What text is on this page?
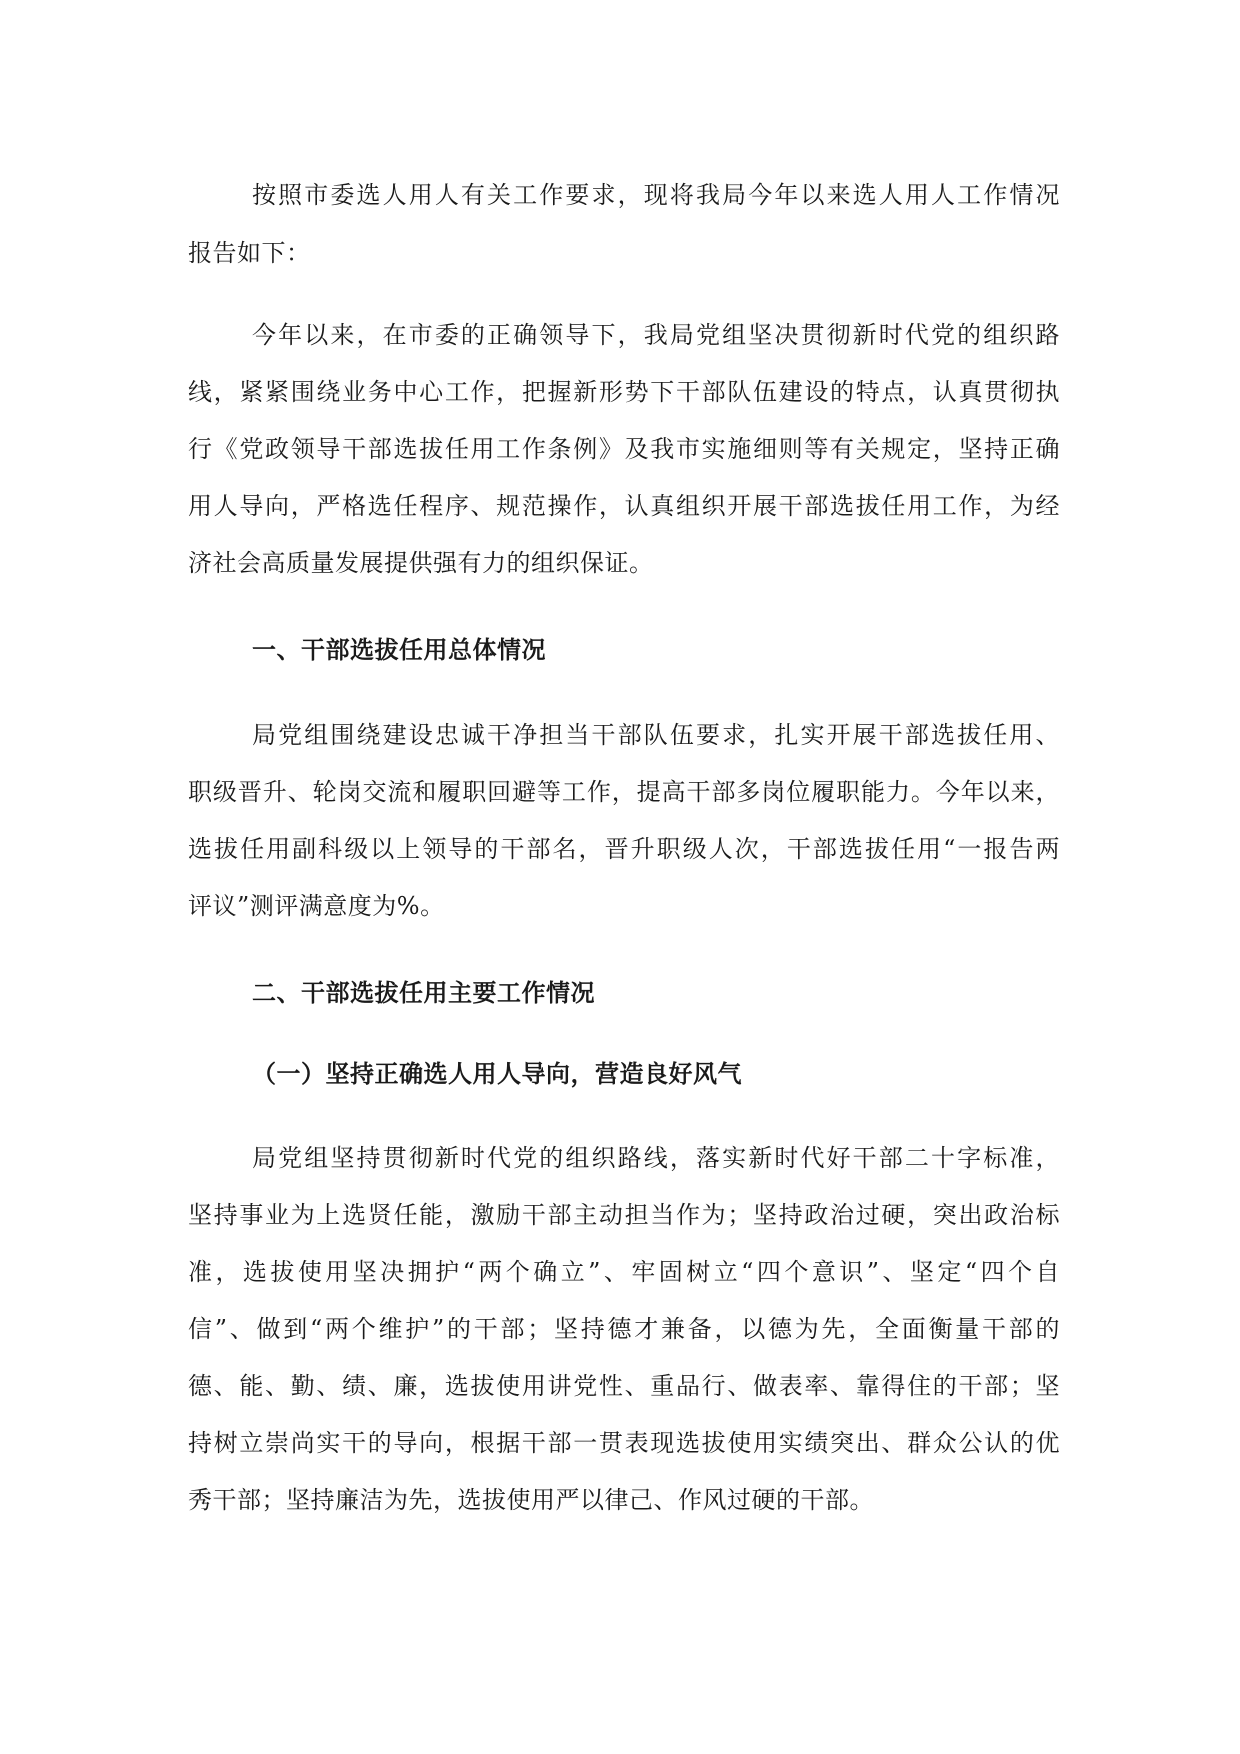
按照市委选人用人有关工作要求，现将我局今年以来选人用人工作情况
报告如下：
今年以来，在市委的正确领导下，我局党组坚决贯彻新时代党的组织路
线，紧紧围绕业务中心工作，把握新形势下干部队伍建设的特点，认真贯彻执
行《党政领导干部选拔任用工作条例》及我市实施细则等有关规定，坚持正确
用人导向，严格选任程序、规范操作，认真组织开展干部选拔任用工作，为经
济社会高质量发展提供强有力的组织保证。
一、干部选拔任用总体情况
局党组围绕建设忠诚干净担当干部队伍要求，扎实开展干部选拔任用、
职级晋升、轮岗交流和履职回避等工作，提高干部多岗位履职能力。今年以来，
选拔任用副科级以上领导的干部名，晋升职级人次，干部选拔任用“一报告两
评议”测评满意度为%。
二、干部选拔任用主要工作情况
（一）坚持正确选人用人导向，营造良好风气
局党组坚持贯彻新时代党的组织路线，落实新时代好干部二十字标准，
坚持事业为上选贤任能，激励干部主动担当作为；坚持政治过硬，突出政治标
准，选拔使用坚决拥护“两个确立”、牢固树立“四个意识”、坚定“四个自
信”、做到“两个维护”的干部；坚持德才兼备，以德为先，全面衡量干部的
德、能、勤、绩、廉，选拔使用讲党性、重品行、做表率、靠得住的干部；坚
持树立崇尚实干的导向，根据干部一贯表现选拔使用实绩突出、群众公认的优
秀干部；坚持廉洁为先，选拔使用严以律己、作风过硬的干部。
